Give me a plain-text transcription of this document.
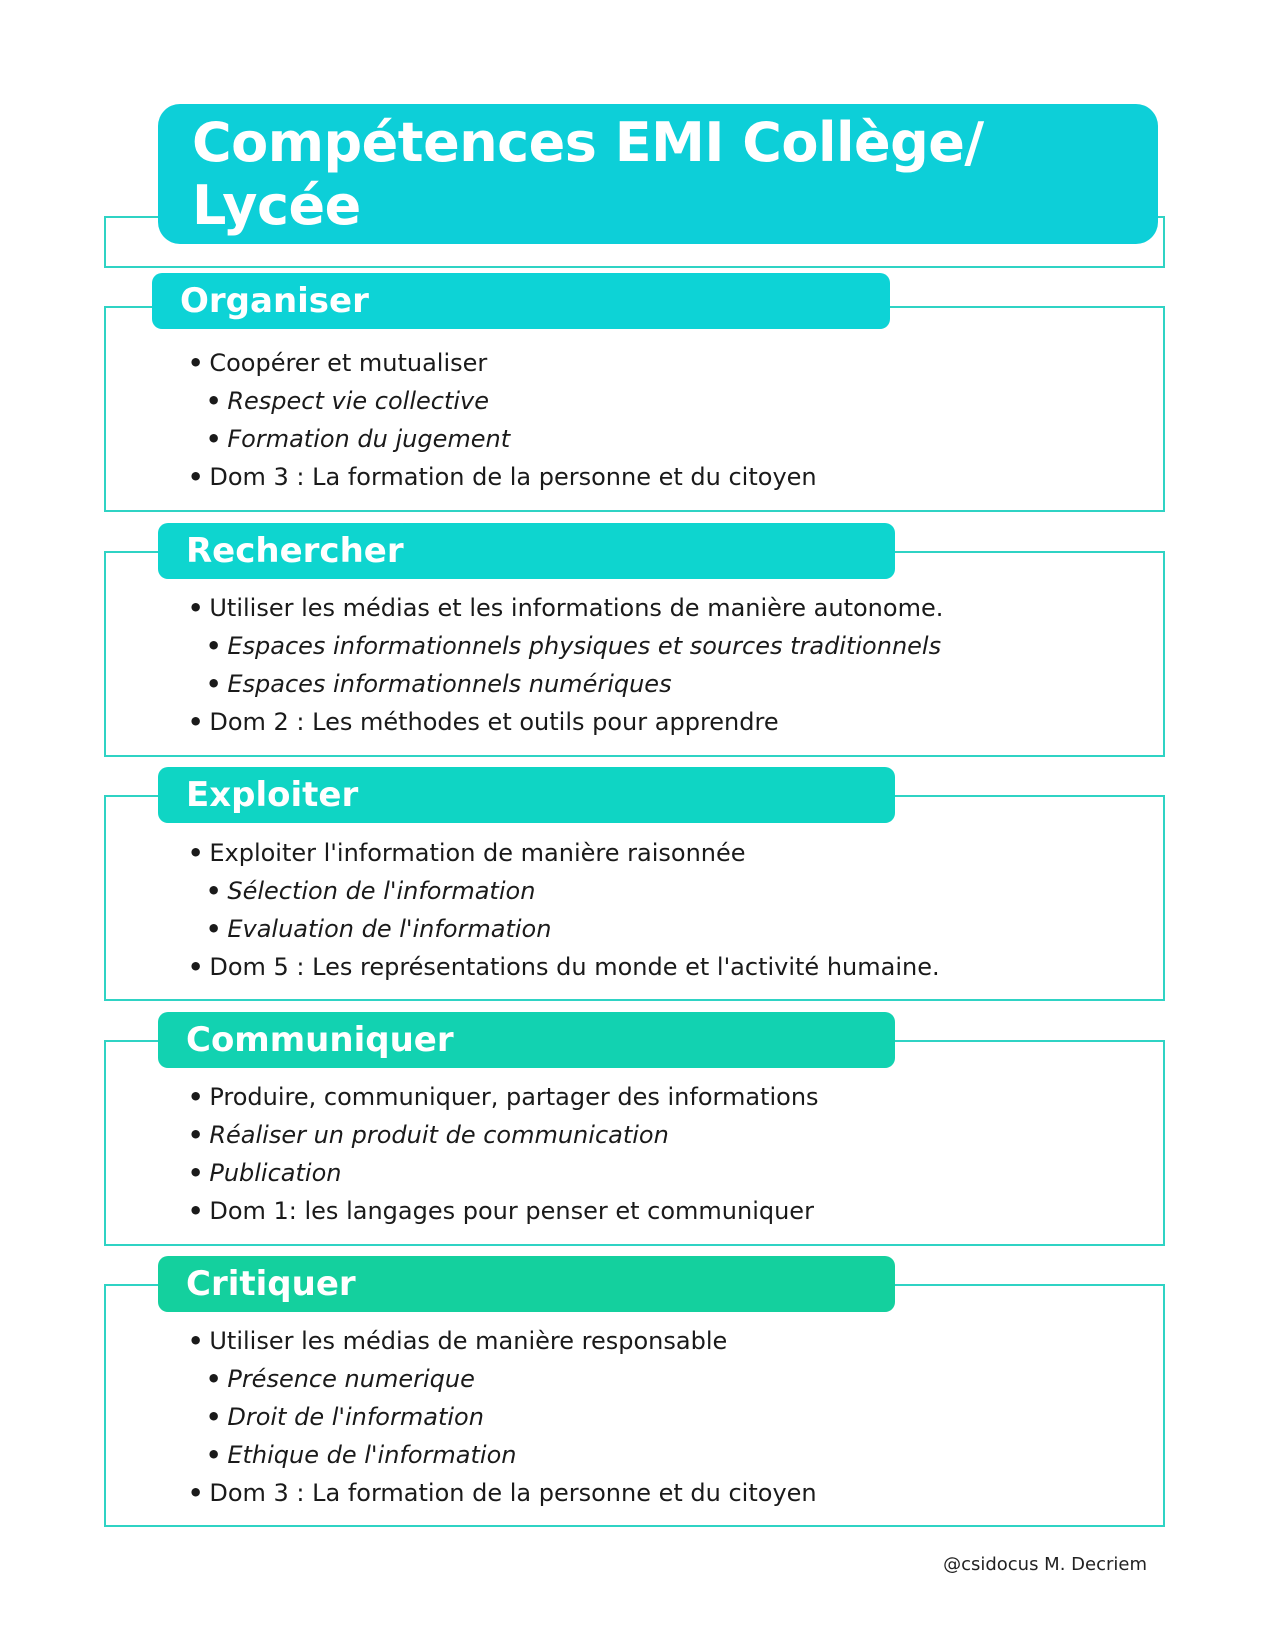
Compétences EMI Collège/ Lycée
Organiser
• Coopérer et mutualiser
• Respect vie collective
• Formation du jugement
• Dom 3 : La formation de la personne et du citoyen
Rechercher
• Utiliser les médias et les informations de manière autonome.
• Espaces informationnels physiques et sources traditionnels
• Espaces informationnels numériques
• Dom 2 : Les méthodes et outils pour apprendre
Exploiter
• Exploiter l'information de manière raisonnée
• Sélection de l'information
• Evaluation de l'information
• Dom 5 : Les représentations du monde et l'activité humaine.
Communiquer
• Produire, communiquer, partager des informations
• Réaliser un produit de communication
• Publication
• Dom 1: les langages pour penser et communiquer
Critiquer
• Utiliser les médias de manière responsable
• Présence numerique
• Droit de l'information
• Ethique de l'information
• Dom 3 : La formation de la personne et du citoyen
@csidocus M. Decriem
